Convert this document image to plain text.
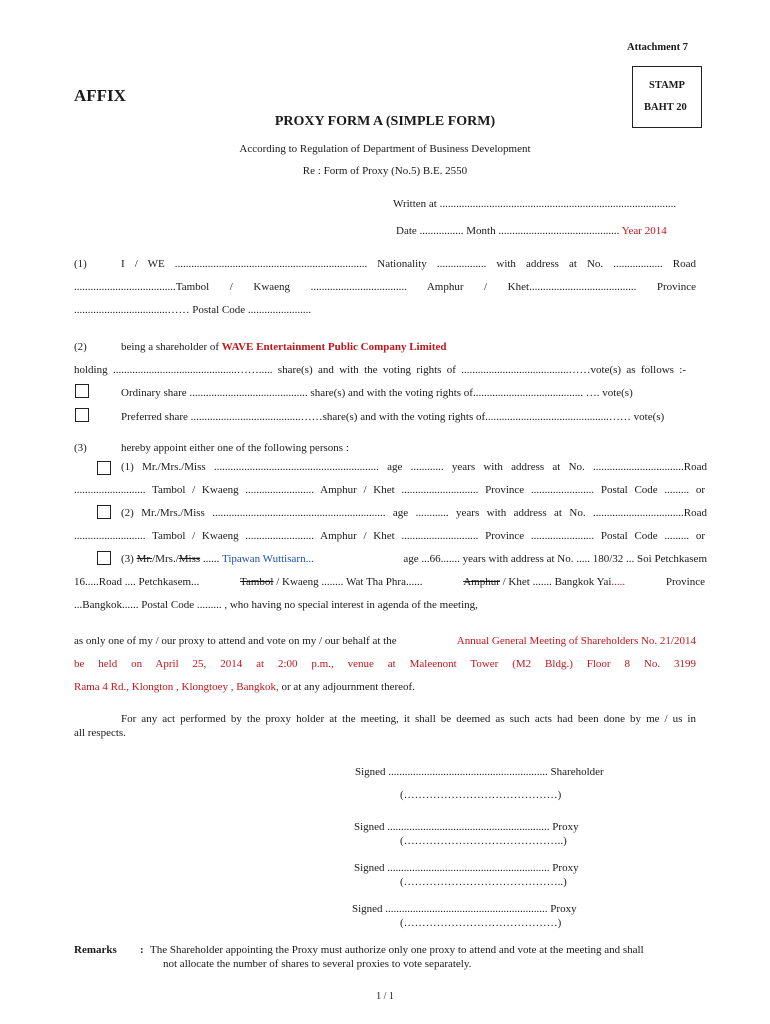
Attachment 7
STAMP
BAHT 20
AFFIX
PROXY FORM A (SIMPLE FORM)
According to Regulation of Department of Business Development
Re : Form of Proxy (No.5) B.E. 2550
Written at ......................................................................................
Date ................ Month ............................................ Year 2014
(1)	I / WE ...................................................................... Nationality .................. with address at No. .................. Road
.....................................Tambol / Kwaeng ................................... Amphur / Khet....................................... Province
..................................…… Postal Code .......................
(2)	being a shareholder of WAVE Entertainment Public Company Limited
holding .............................................……..... share(s) and with the voting rights of .......................................……vote(s) as follows :-
Ordinary share ........................................... share(s) and with the voting rights of........................................ …. vote(s)
Preferred share ........................................……share(s) and with the voting rights of.............................................…… vote(s)
(3)	hereby appoint either one of the following persons :
(1) Mr./Mrs./Miss ............................................................ age ............ years with address at No. .................................Road
.......................... Tambol / Kwaeng ......................... Amphur / Khet ............................ Province ....................... Postal Code ......... or
(2) Mr./Mrs./Miss ............................................................... age ............ years with address at No. .................................Road
.......................... Tambol / Kwaeng ......................... Amphur / Khet ............................ Province ....................... Postal Code ......... or
(3) Mr./Mrs./Miss ...... Tipawan Wuttisarn...	age ...66....... years with address at No. ..... 180/32 ... Soi Petchkasem
16.....Road .... Petchkasem...	Tambol / Kwaeng ........ Wat Tha Phra......	Amphur / Khet ....... Bangkok Yai.....	Province
...Bangkok...... Postal Code ......... , who having no special interest in agenda of the meeting,
as only one of my / our proxy to attend and vote on my / our behalf at the	Annual General Meeting of Shareholders No. 21/2014
be held on April 25, 2014 at 2:00 p.m., venue at Maleenont Tower (M2 Bldg.) Floor 8 No. 3199
Rama 4 Rd., Klongton , Klongtoey , Bangkok, or at any adjournment thereof.
For any act performed by the proxy holder at the meeting, it shall be deemed as such acts had been done by me / us in
all respects.
Signed .......................................................... Shareholder
(……………………………………)
Signed ........................................................... Proxy
(……………………………………..)
Signed ........................................................... Proxy
(……………………………………..)
Signed ........................................................... Proxy
(……………………………………)
Remarks : The Shareholder appointing the Proxy must authorize only one proxy to attend and vote at the meeting and shall
not allocate the number of shares to several proxies to vote separately.
1 / 1
